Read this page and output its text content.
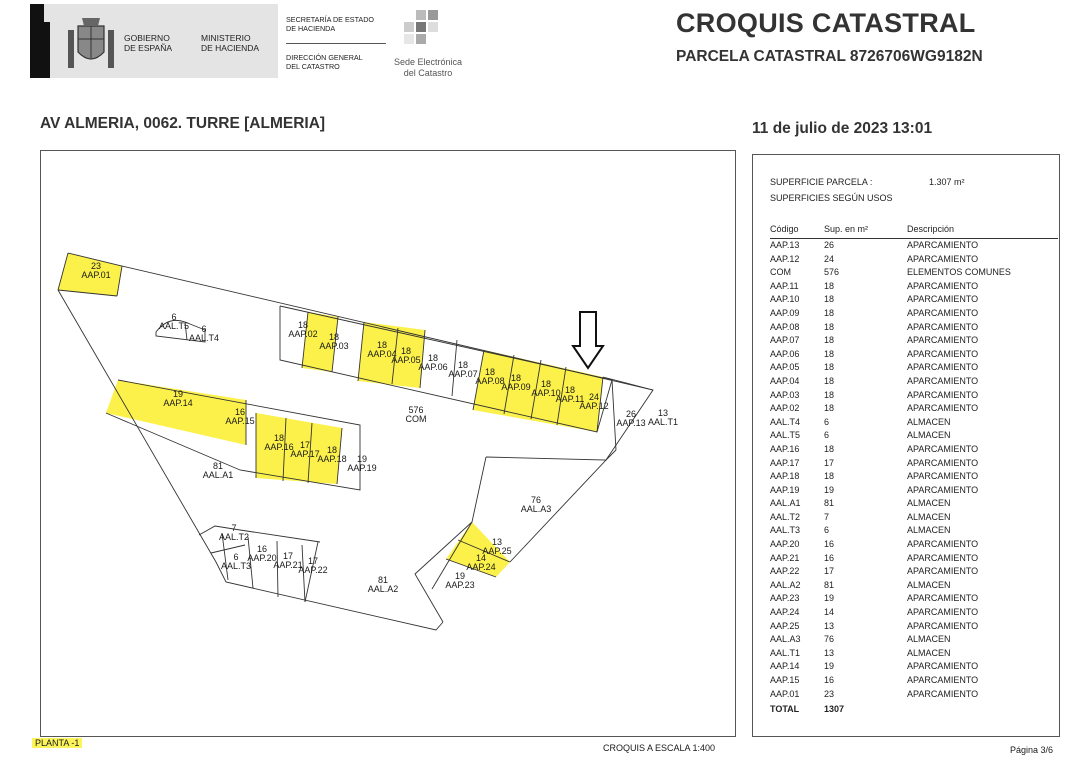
GOBIERNO
DE ESPAÑA
MINISTERIO
DE HACIENDA
SECRETARÍA DE ESTADO
DE HACIENDA
DIRECCIÓN GENERAL
DEL CATASTRO	Sede Electrónica
del Catastro
CROQUIS CATASTRAL
PARCELA CATASTRAL 8726706WG9182N
AV ALMERIA, 0062. TURRE [ALMERIA]	11 de julio de 2023 13:01
23
AAP.01
6
AAL.T5 6
AAL.T4
18
AAP.02 18
AAP.03	18
AAP.04 18
AAP.05 18
AAP.06 18
AAP.07 18
AAP.08 18
AAP.09 18
AAP.10 18
AAP.11 24
AAP.12
26
AAP.13
13
AAL.T1
576
COM
19
AAP.14
16
AAP.15
18
AAP.16 17
AAP.17 18
AAP.18 19
AAP.19
81
AAL.A1
76
AAL.A3
7
AAL.T2
6
AAL.T3
16
AAP.20 17
AAP.21 17
AAP.22
81
AAL.A2
19
AAP.23
14
AAP.24
13
AAP.25
SUPERFICIE PARCELA :	1.307 m²
SUPERFICIES SEGÚN USOS
Código	Sup. en m²	Descripción
AAP.13	26	APARCAMIENTO
AAP.12	24	APARCAMIENTO
COM	576	ELEMENTOS COMUNES
AAP.11	18	APARCAMIENTO
AAP.10	18	APARCAMIENTO
AAP.09	18	APARCAMIENTO
AAP.08	18	APARCAMIENTO
AAP.07	18	APARCAMIENTO
AAP.06	18	APARCAMIENTO
AAP.05	18	APARCAMIENTO
AAP.04	18	APARCAMIENTO
AAP.03	18	APARCAMIENTO
AAP.02	18	APARCAMIENTO
AAL.T4	6	ALMACEN
AAL.T5	6	ALMACEN
AAP.16	18	APARCAMIENTO
AAP.17	17	APARCAMIENTO
AAP.18	18	APARCAMIENTO
AAP.19	19	APARCAMIENTO
AAL.A1	81	ALMACEN
AAL.T2	7	ALMACEN
AAL.T3	6	ALMACEN
AAP.20	16	APARCAMIENTO
AAP.21	16	APARCAMIENTO
AAP.22	17	APARCAMIENTO
AAL.A2	81	ALMACEN
AAP.23	19	APARCAMIENTO
AAP.24	14	APARCAMIENTO
AAP.25	13	APARCAMIENTO
AAL.A3	76	ALMACEN
AAL.T1	13	ALMACEN
AAP.14	19	APARCAMIENTO
AAP.15	16	APARCAMIENTO
AAP.01	23	APARCAMIENTO
TOTAL	1307
PLANTA -1	CROQUIS A ESCALA 1:400	Página 3/6
